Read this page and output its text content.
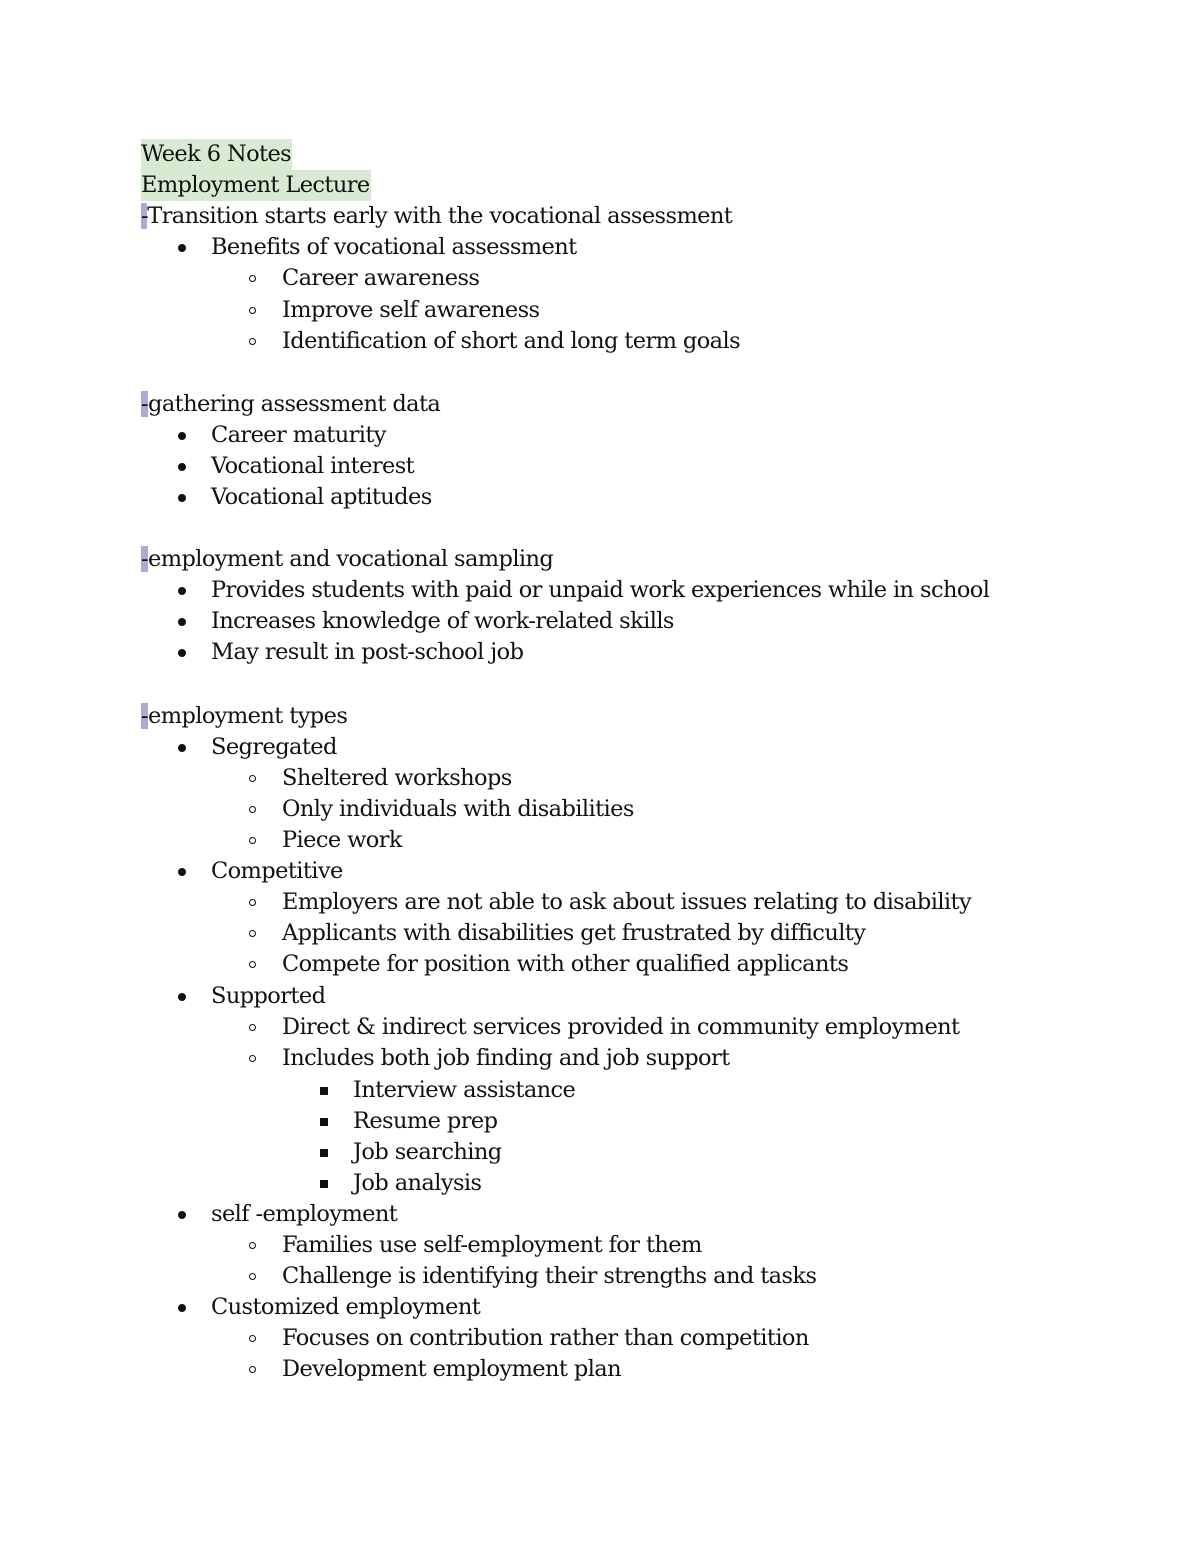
Week 6 Notes
Employment Lecture
-Transition starts early with the vocational assessment
Benefits of vocational assessment
Career awareness
Improve self awareness
Identification of short and long term goals
-gathering assessment data
Career maturity
Vocational interest
Vocational aptitudes
-employment and vocational sampling
Provides students with paid or unpaid work experiences while in school
Increases knowledge of work-related skills
May result in post-school job
-employment types
Segregated
Sheltered workshops
Only individuals with disabilities
Piece work
Competitive
Employers are not able to ask about issues relating to disability
Applicants with disabilities get frustrated by difficulty
Compete for position with other qualified applicants
Supported
Direct & indirect services provided in community employment
Includes both job finding and job support
Interview assistance
Resume prep
Job searching
Job analysis
self -employment
Families use self-employment for them
Challenge is identifying their strengths and tasks
Customized employment
Focuses on contribution rather than competition
Development employment plan
